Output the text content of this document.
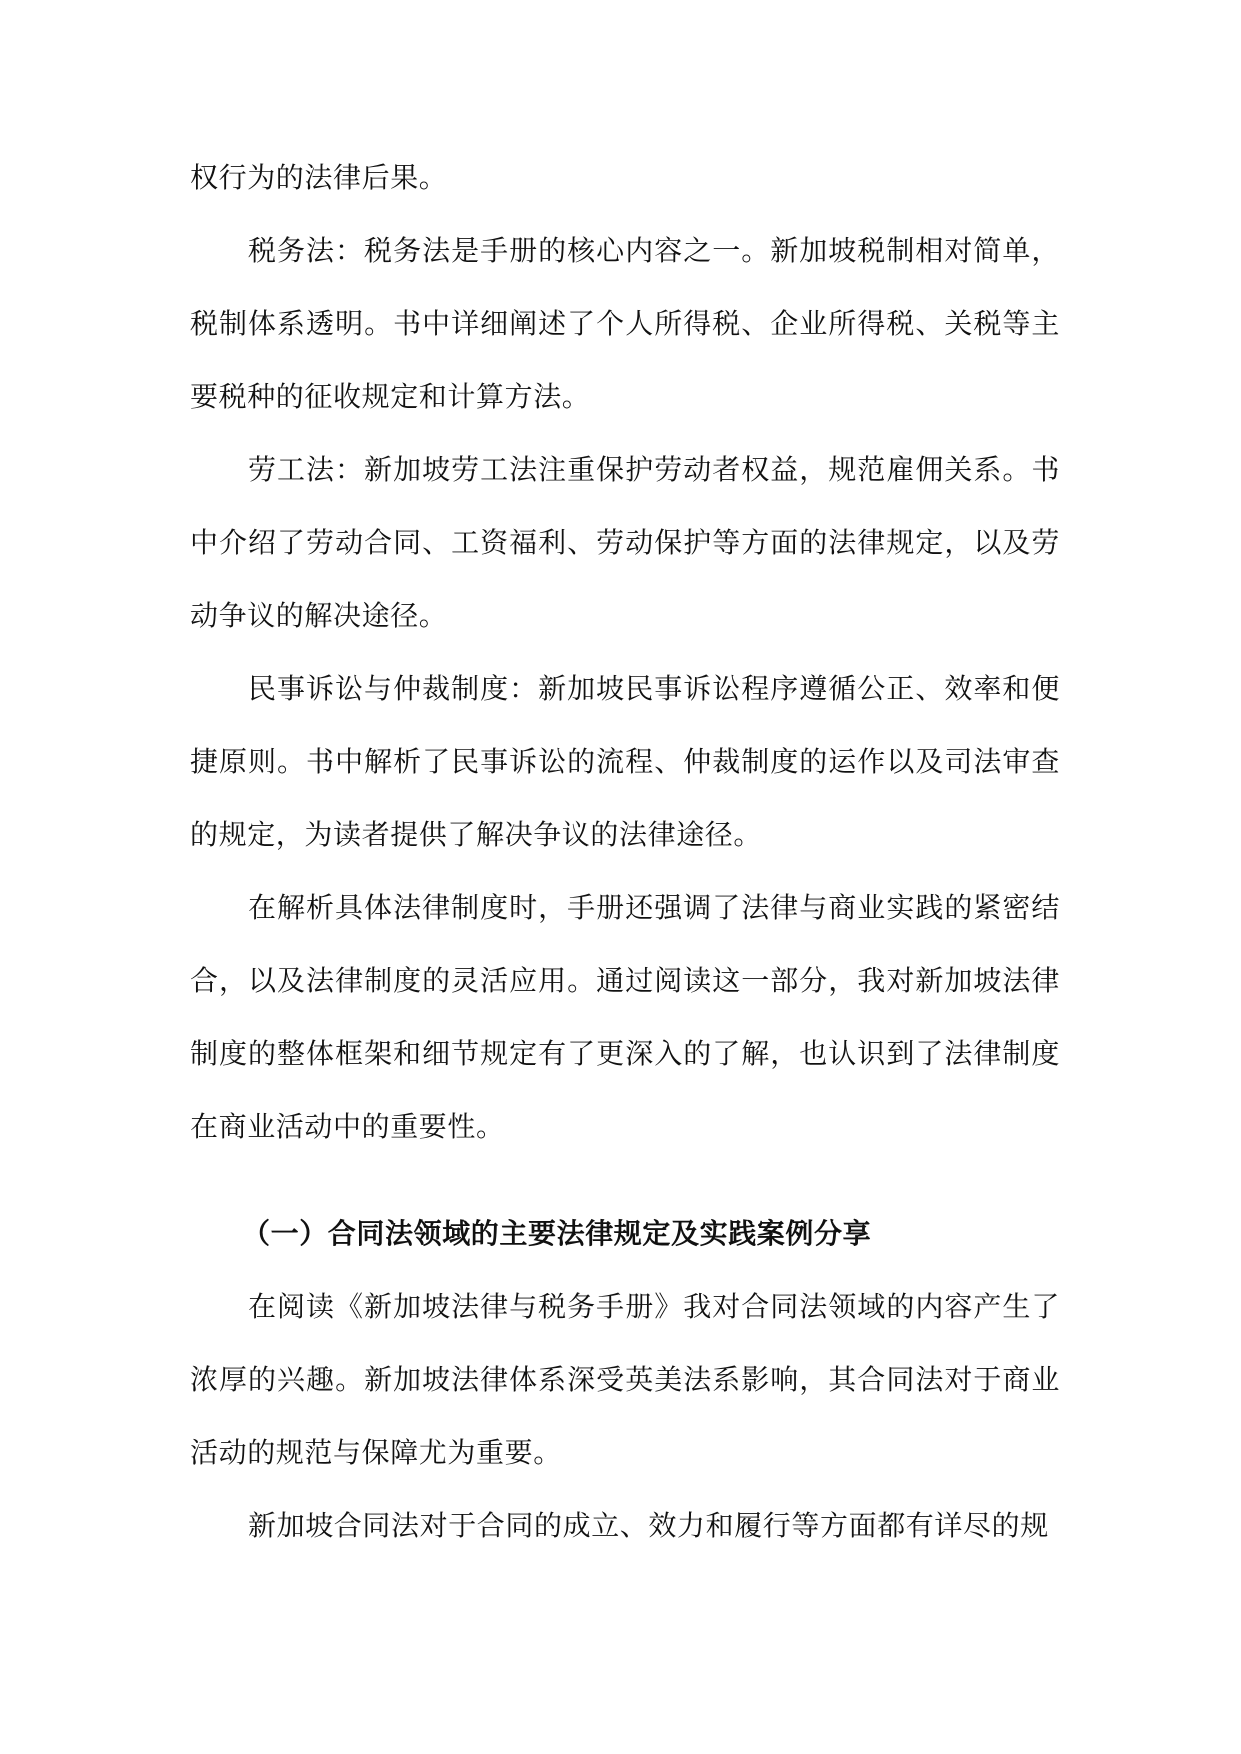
权行为的法律后果。

税务法：税务法是手册的核心内容之一。新加坡税制相对简单，税制体系透明。书中详细阐述了个人所得税、企业所得税、关税等主要税种的征收规定和计算方法。

劳工法：新加坡劳工法注重保护劳动者权益，规范雇佣关系。书中介绍了劳动合同、工资福利、劳动保护等方面的法律规定，以及劳动争议的解决途径。

民事诉讼与仲裁制度：新加坡民事诉讼程序遵循公正、效率和便捷原则。书中解析了民事诉讼的流程、仲裁制度的运作以及司法审查的规定，为读者提供了解决争议的法律途径。

在解析具体法律制度时，手册还强调了法律与商业实践的紧密结合，以及法律制度的灵活应用。通过阅读这一部分，我对新加坡法律制度的整体框架和细节规定有了更深入的了解，也认识到了法律制度在商业活动中的重要性。

（一）合同法领域的主要法律规定及实践案例分享

在阅读《新加坡法律与税务手册》我对合同法领域的内容产生了浓厚的兴趣。新加坡法律体系深受英美法系影响，其合同法对于商业活动的规范与保障尤为重要。

新加坡合同法对于合同的成立、效力和履行等方面都有详尽的规
